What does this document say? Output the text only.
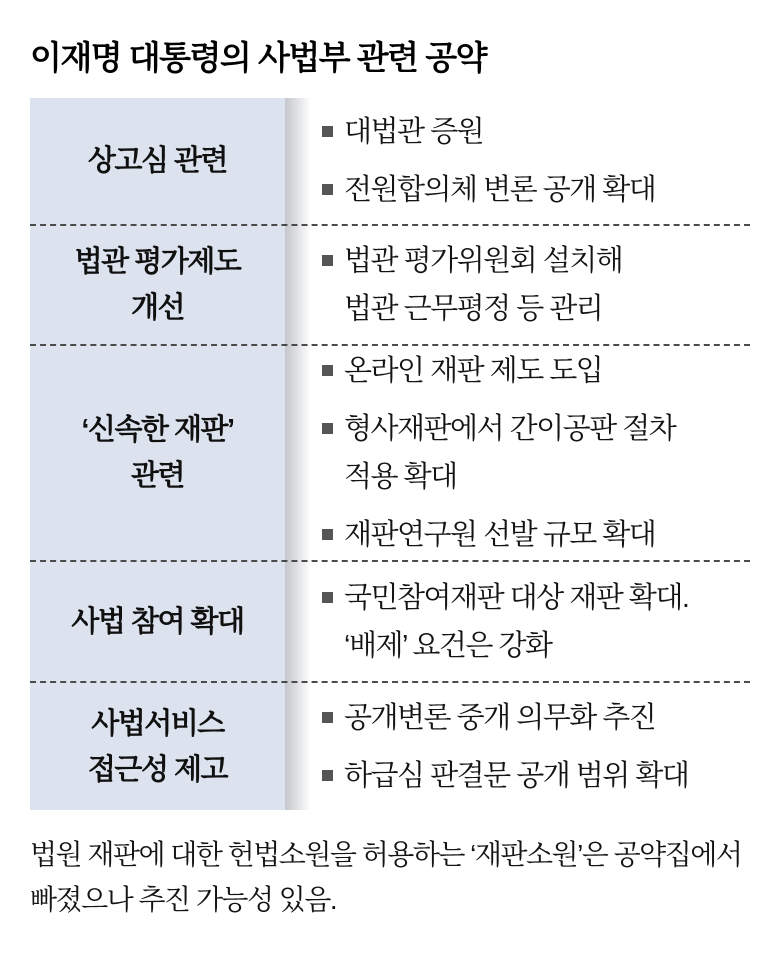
이재명 대통령의 사법부 관련 공약
상고심 관련
대법관 증원
전원합의체 변론 공개 확대
법관 평가제도
개선
법관 평가위원회 설치해
법관 근무평정 등 관리
‘신속한 재판’
관련
온라인 재판 제도 도입
형사재판에서 간이공판 절차
적용 확대
재판연구원 선발 규모 확대
사법 참여 확대
국민참여재판 대상 재판 확대.
‘배제’ 요건은 강화
사법서비스
접근성 제고
공개변론 중개 의무화 추진
하급심 판결문 공개 범위 확대
법원 재판에 대한 헌법소원을 허용하는 ‘재판소원’은 공약집에서
빠졌으나 추진 가능성 있음.
